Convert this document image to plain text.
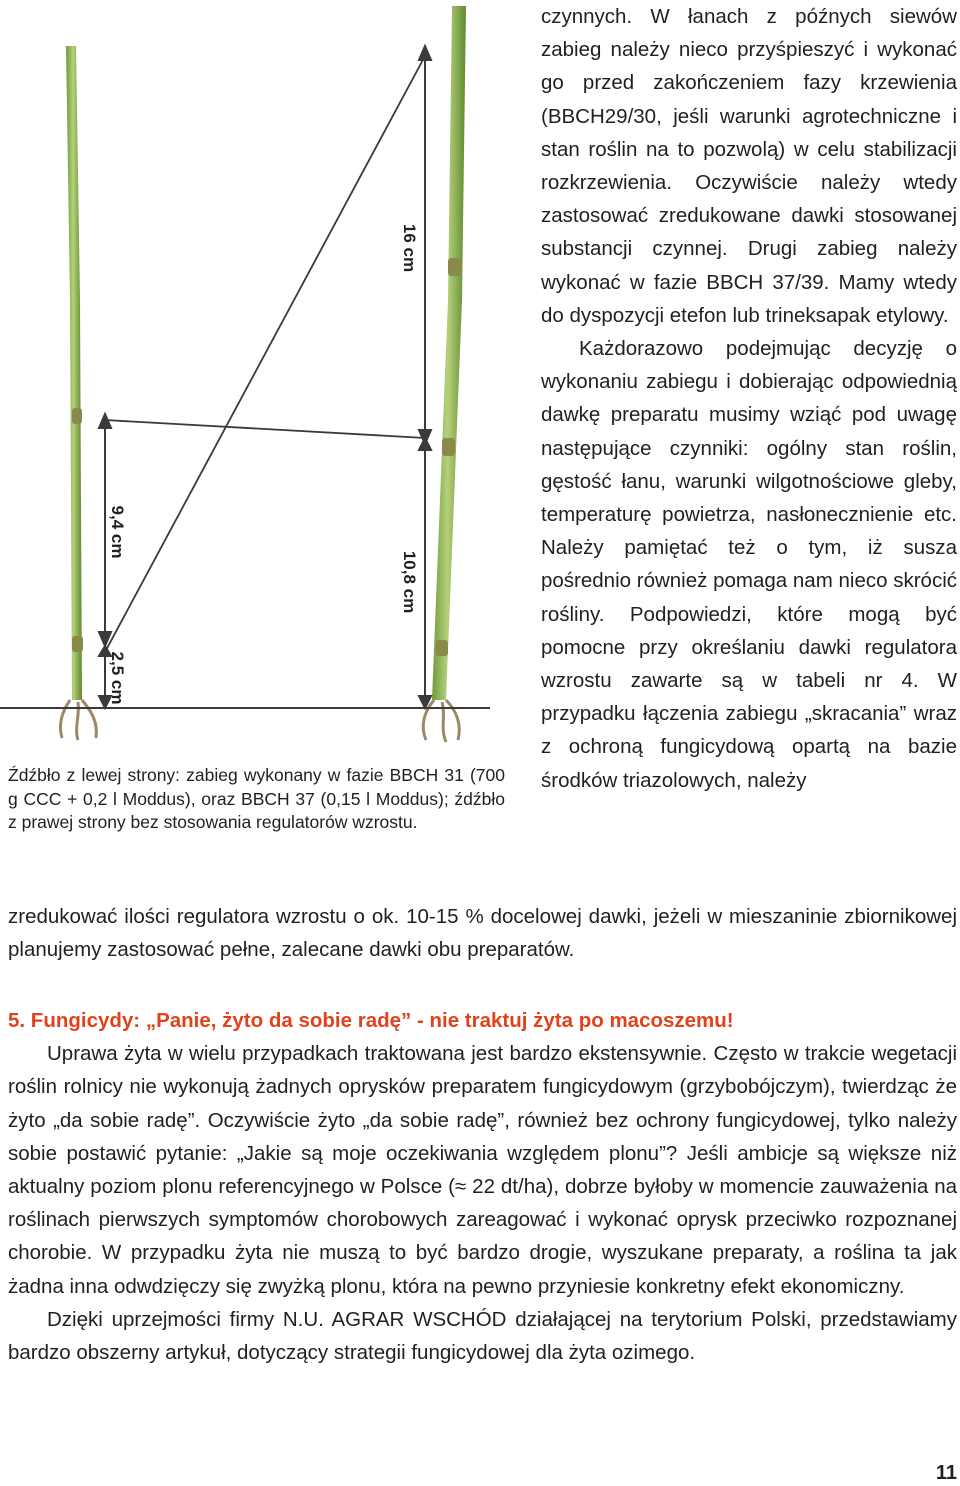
16 cm
10,8 cm
9,4 cm
2,5 cm
Źdźbło z lewej strony: zabieg wykonany w fazie BBCH 31 (700 g CCC + 0,2 l Moddus), oraz BBCH 37 (0,15 l Moddus); źdźbło z prawej strony bez stosowania regulatorów wzrostu.

czynnych. W łanach z późnych siewów zabieg należy nieco przyśpieszyć i wykonać go przed zakończeniem fazy krzewienia (BBCH29/30, jeśli warunki agrotechniczne i stan roślin na to pozwolą) w celu stabilizacji rozkrzewienia. Oczywiście należy wtedy zastosować zredukowane dawki stosowanej substancji czynnej. Drugi zabieg należy wykonać w fazie BBCH 37/39. Mamy wtedy do dyspozycji etefon lub trineksapak etylowy.

Każdorazowo podejmując decyzję o wykonaniu zabiegu i dobierając odpowiednią dawkę preparatu musimy wziąć pod uwagę następujące czynniki: ogólny stan roślin, gęstość łanu, warunki wilgotnościowe gleby, temperaturę powietrza, nasłonecznienie etc. Należy pamiętać też o tym, iż susza pośrednio również pomaga nam nieco skrócić rośliny. Podpowiedzi, które mogą być pomocne przy określaniu dawki regulatora wzrostu zawarte są w tabeli nr 4. W przypadku łączenia zabiegu „skracania” wraz z ochroną fungicydową opartą na bazie środków triazolowych, należy

zredukować ilości regulatora wzrostu o ok. 10-15 % docelowej dawki, jeżeli w mieszaninie zbiornikowej planujemy zastosować pełne, zalecane dawki obu preparatów.

5. Fungicydy: „Panie, żyto da sobie radę” - nie traktuj żyta po macoszemu!

Uprawa żyta w wielu przypadkach traktowana jest bardzo ekstensywnie. Często w trakcie wegetacji roślin rolnicy nie wykonują żadnych oprysków preparatem fungicydowym (grzybobójczym), twierdząc że żyto „da sobie radę”. Oczywiście żyto „da sobie radę”, również bez ochrony fungicydowej, tylko należy sobie postawić pytanie: „Jakie są moje oczekiwania względem plonu”? Jeśli ambicje są większe niż aktualny poziom plonu referencyjnego w Polsce (≈ 22 dt/ha), dobrze byłoby w momencie zauważenia na roślinach pierwszych symptomów chorobowych zareagować i wykonać oprysk przeciwko rozpoznanej chorobie. W przypadku żyta nie muszą to być bardzo drogie, wyszukane preparaty, a roślina ta jak żadna inna odwdzięczy się zwyżką plonu, która na pewno przyniesie konkretny efekt ekonomiczny.

Dzięki uprzejmości firmy N.U. AGRAR WSCHÓD działającej na terytorium Polski, przedstawiamy bardzo obszerny artykuł, dotyczący strategii fungicydowej dla żyta ozimego.

11
